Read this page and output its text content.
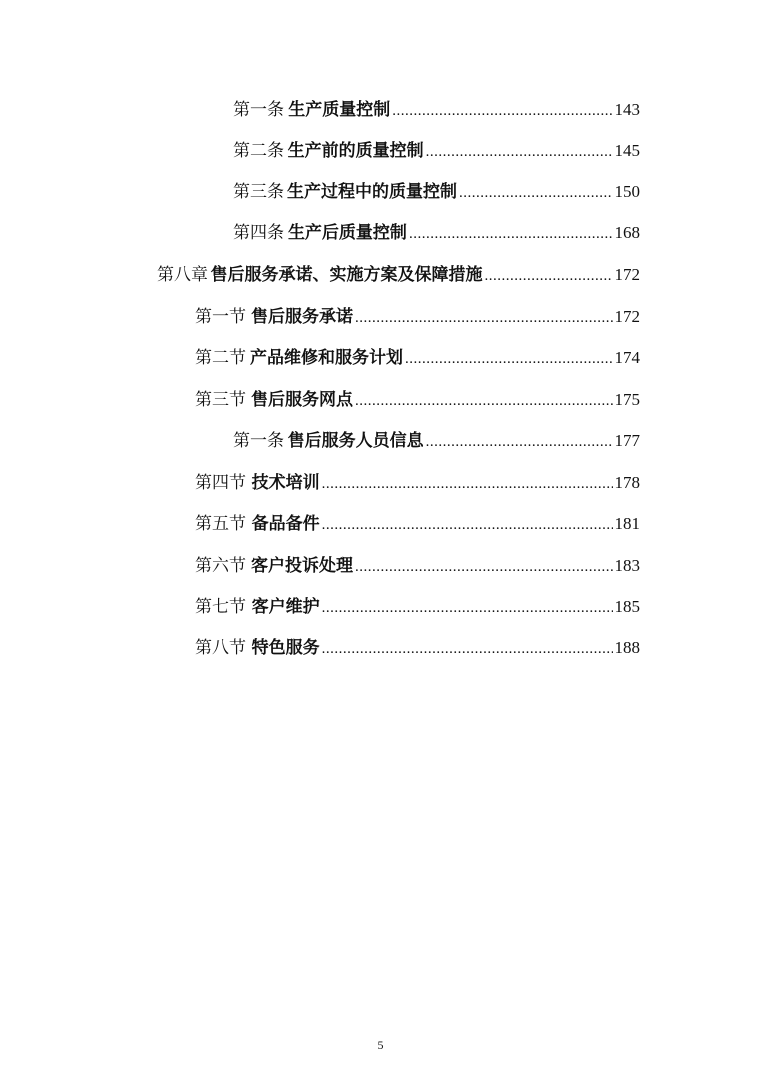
第一条 生产质量控制 .....	143
第二条 生产前的质量控制 .....	145
第三条 生产过程中的质量控制 .....	150
第四条 生产后质量控制 .....	168
第八章 售后服务承诺、实施方案及保障措施 .....	172
第一节 售后服务承诺 .....	172
第二节 产品维修和服务计划 .....	174
第三节 售后服务网点 .....	175
第一条 售后服务人员信息 .....	177
第四节 技术培训 .....	178
第五节 备品备件 .....	181
第六节 客户投诉处理 .....	183
第七节 客户维护 .....	185
第八节 特色服务 .....	188
5
